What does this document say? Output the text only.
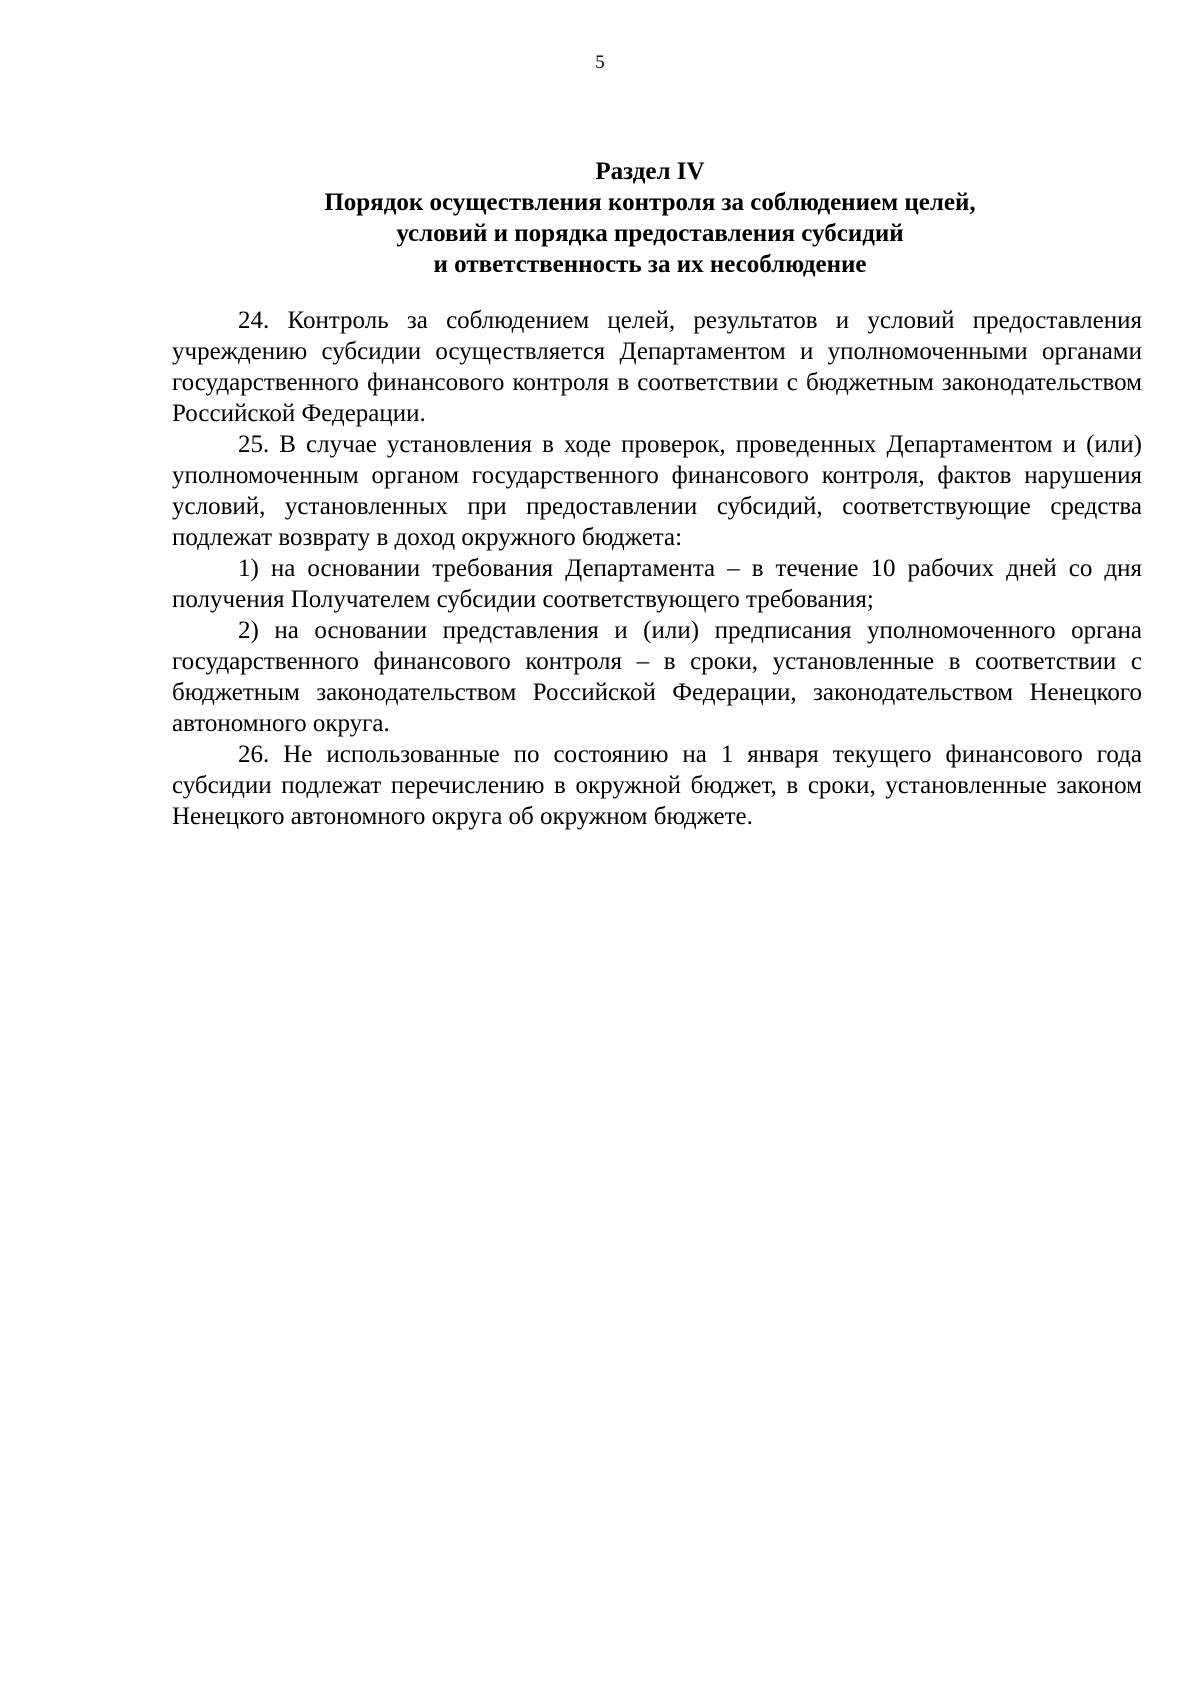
5
Раздел IV
Порядок осуществления контроля за соблюдением целей,
условий и порядка предоставления субсидий
и ответственность за их несоблюдение

24. Контроль за соблюдением целей, результатов и условий предоставления учреждению субсидии осуществляется Департаментом и уполномоченными органами государственного финансового контроля в соответствии с бюджетным законодательством Российской Федерации.

25. В случае установления в ходе проверок, проведенных Департаментом и (или) уполномоченным органом государственного финансового контроля, фактов нарушения условий, установленных при предоставлении субсидий, соответствующие средства подлежат возврату в доход окружного бюджета:

1) на основании требования Департамента – в течение 10 рабочих дней со дня получения Получателем субсидии соответствующего требования;

2) на основании представления и (или) предписания уполномоченного органа государственного финансового контроля – в сроки, установленные в соответствии с бюджетным законодательством Российской Федерации, законодательством Ненецкого автономного округа.

26. Не использованные по состоянию на 1 января текущего финансового года субсидии подлежат перечислению в окружной бюджет, в сроки, установленные законом Ненецкого автономного округа об окружном бюджете.
